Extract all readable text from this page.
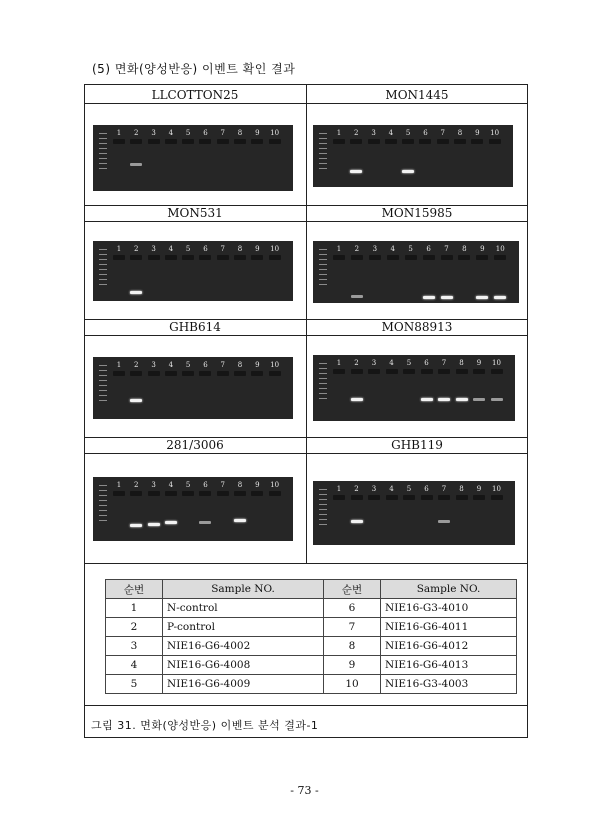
(5) 면화(양성반응) 이벤트 확인 결과
LLCOTTON25	MON1445
MON531	MON15985
GHB614	MON88913
281/3006	GHB119
1 2 3 4 5 6 7 8 9 10	1 2 3 4 5 6 7 8 9 10
1 2 3 4 5 6 7 8 9 10	1 2 3 4 5 6 7 8 9 10
1 2 3 4 5 6 7 8 9 10	1 2 3 4 5 6 7 8 9 10
1 2 3 4 5 6 7 8 9 10	1 2 3 4 5 6 7 8 9 10
순번	Sample NO.	순번	Sample NO.
1	N-control	6	NIE16-G3-4010
2	P-control	7	NIE16-G6-4011
3	NIE16-G6-4002	8	NIE16-G6-4012
4	NIE16-G6-4008	9	NIE16-G6-4013
5	NIE16-G6-4009	10	NIE16-G3-4003
그림 31. 면화(양성반응) 이벤트 분석 결과-1
- 73 -
